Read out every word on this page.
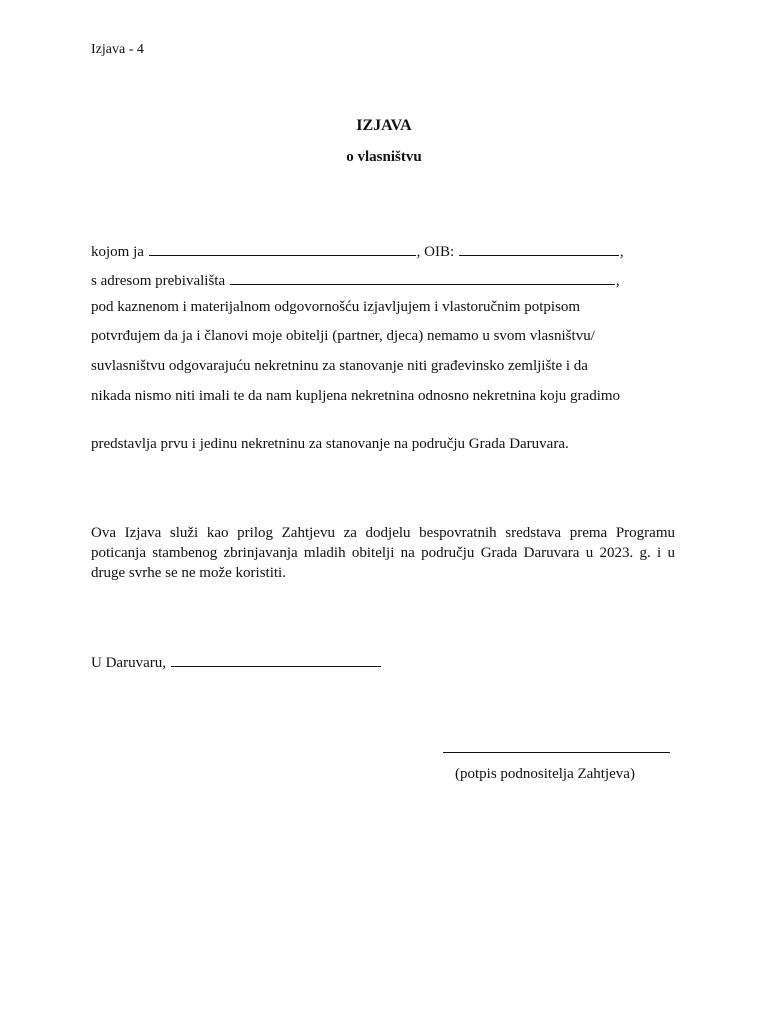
Izjava - 4
IZJAVA
o vlasništvu
kojom ja	, OIB:	,
s adresom prebivališta	,
pod kaznenom i materijalnom odgovornošću izjavljujem i vlastoručnim potpisom
potvrđujem da ja i članovi moje obitelji (partner, djeca) nemamo u svom vlasništvu/
suvlasništvu odgovarajuću nekretninu za stanovanje niti građevinsko zemljište i da
nikada nismo niti imali te da nam kupljena nekretnina odnosno nekretnina koju gradimo
predstavlja prvu i jedinu nekretninu za stanovanje na području Grada Daruvara.
Ova Izjava služi kao prilog Zahtjevu za dodjelu bespovratnih sredstava prema Programu poticanja stambenog zbrinjavanja mladih obitelji na području Grada Daruvara u 2023. g. i u druge svrhe se ne može koristiti.
U Daruvaru,
(potpis podnositelja Zahtjeva)
